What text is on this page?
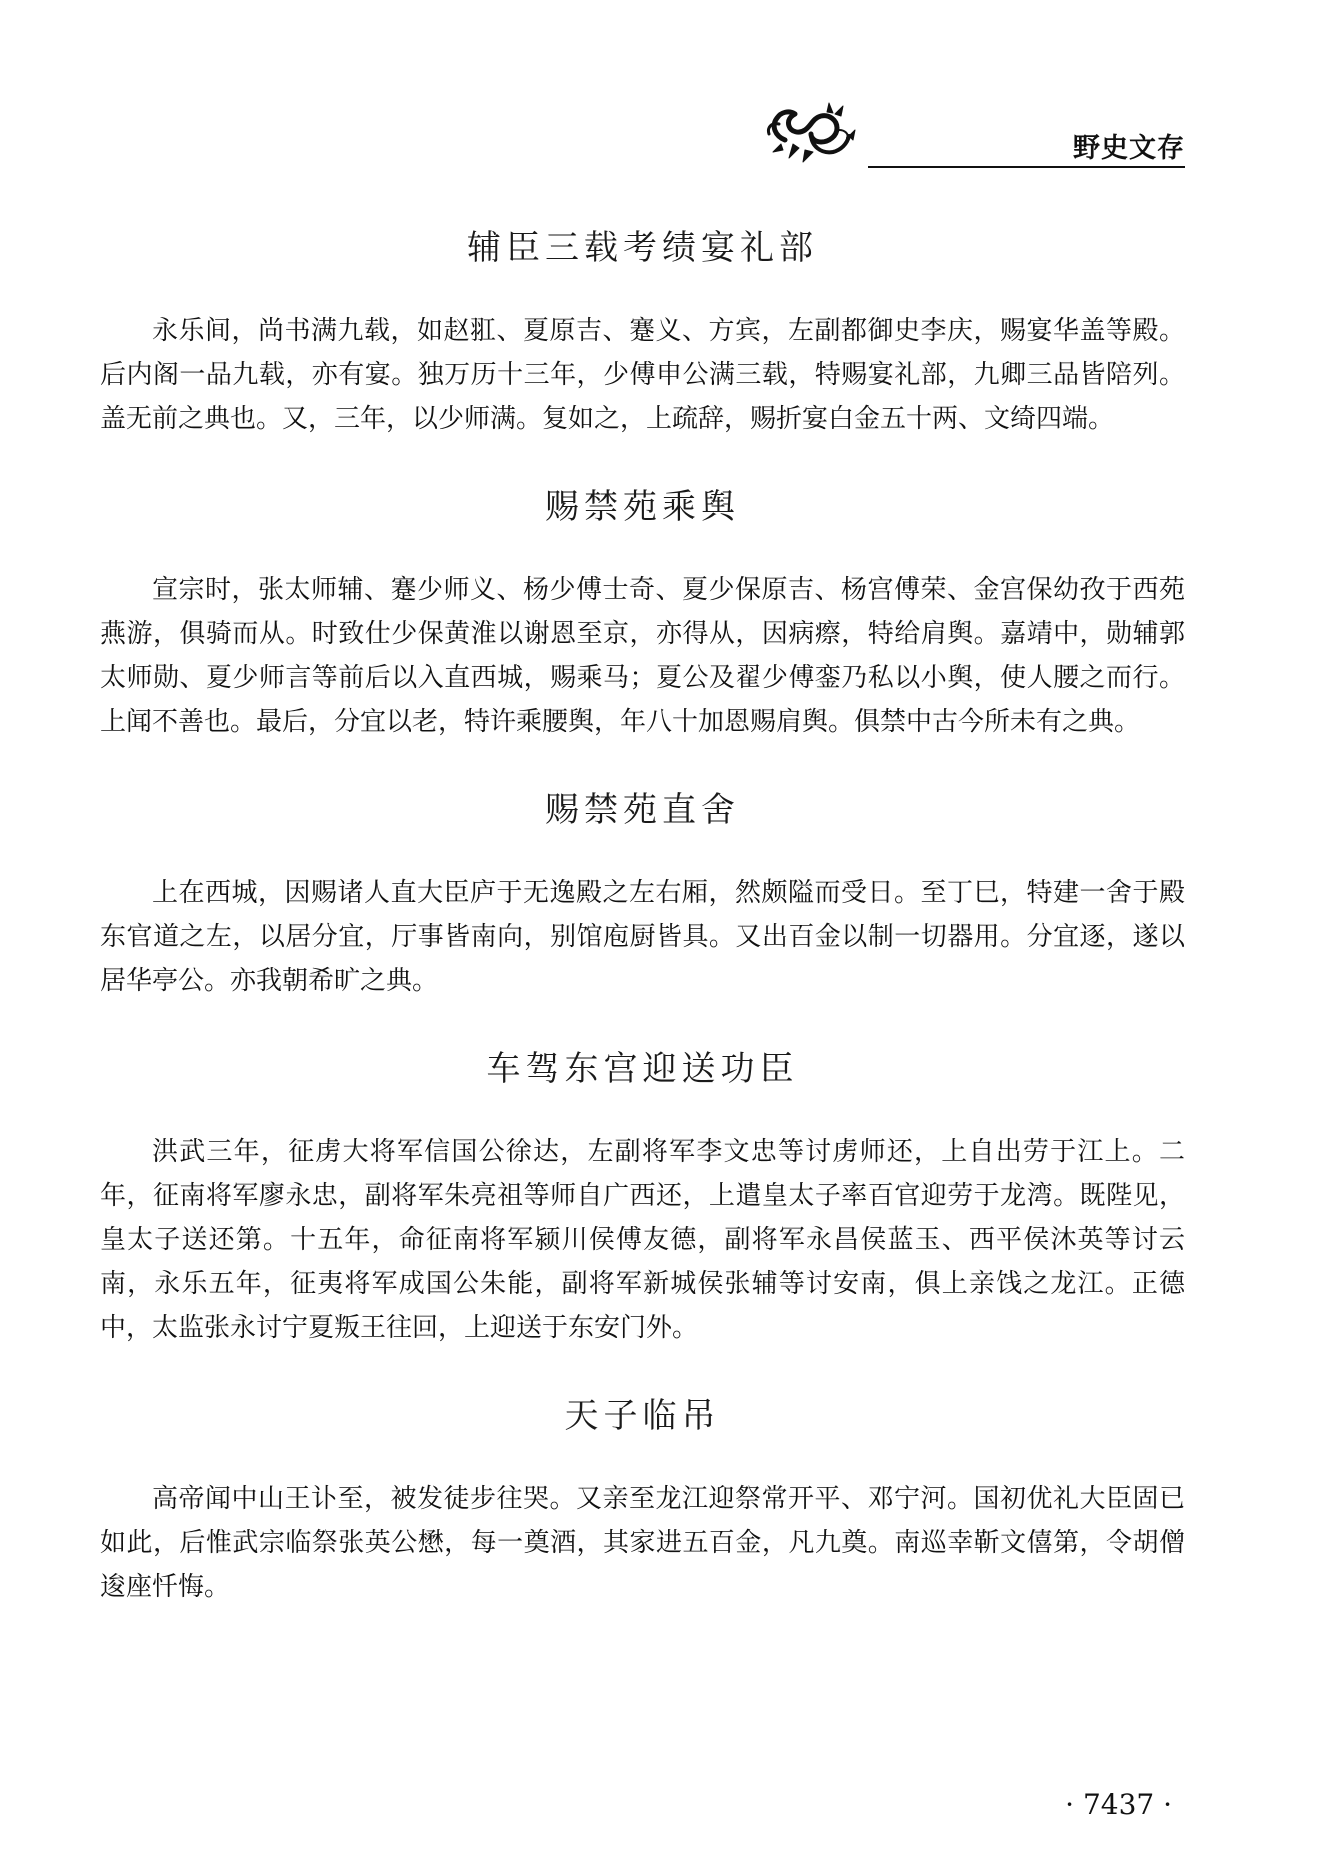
野史文存
辅臣三载考绩宴礼部

永乐间，尚书满九载，如赵羾、夏原吉、蹇义、方宾，左副都御史李庆，赐宴华盖等殿。后内阁一品九载，亦有宴。独万历十三年，少傅申公满三载，特赐宴礼部，九卿三品皆陪列。盖无前之典也。又，三年，以少师满。复如之，上疏辞，赐折宴白金五十两、文绮四端。

赐禁苑乘舆

宣宗时，张太师辅、蹇少师义、杨少傅士奇、夏少保原吉、杨宫傅荣、金宫保幼孜于西苑燕游，俱骑而从。时致仕少保黄淮以谢恩至京，亦得从，因病瘵，特给肩舆。嘉靖中，勋辅郭太师勋、夏少师言等前后以入直西城，赐乘马；夏公及翟少傅銮乃私以小舆，使人腰之而行。上闻不善也。最后，分宜以老，特许乘腰舆，年八十加恩赐肩舆。俱禁中古今所未有之典。

赐禁苑直舍

上在西城，因赐诸人直大臣庐于无逸殿之左右厢，然颇隘而受日。至丁巳，特建一舍于殿东官道之左，以居分宜，厅事皆南向，别馆庖厨皆具。又出百金以制一切器用。分宜逐，遂以居华亭公。亦我朝希旷之典。

车驾东宫迎送功臣

洪武三年，征虏大将军信国公徐达，左副将军李文忠等讨虏师还，上自出劳于江上。二年，征南将军廖永忠，副将军朱亮祖等师自广西还，上遣皇太子率百官迎劳于龙湾。既陛见，皇太子送还第。十五年，命征南将军颍川侯傅友德，副将军永昌侯蓝玉、西平侯沐英等讨云南，永乐五年，征夷将军成国公朱能，副将军新城侯张辅等讨安南，俱上亲饯之龙江。正德中，太监张永讨宁夏叛王往回，上迎送于东安门外。

天子临吊

高帝闻中山王讣至，被发徒步往哭。又亲至龙江迎祭常开平、邓宁河。国初优礼大臣固已如此，后惟武宗临祭张英公懋，每一奠酒，其家进五百金，凡九奠。南巡幸靳文僖第，令胡僧逡座忏悔。

· 7437 ·
